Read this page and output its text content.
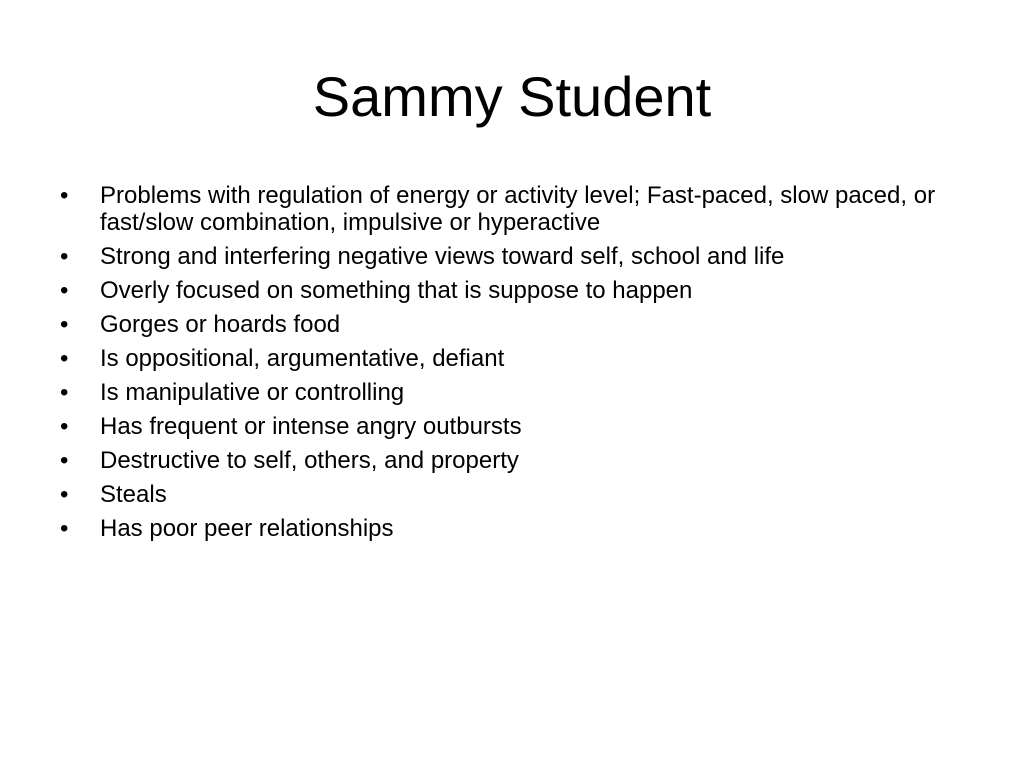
Sammy Student
•	Problems with regulation of energy or activity level; Fast-paced, slow paced, or fast/slow combination, impulsive or hyperactive
•	Strong and interfering negative views toward self, school and life
•	Overly focused on something that is suppose to happen
•	Gorges or hoards food
•	Is oppositional, argumentative, defiant
•	Is manipulative or controlling
•	Has frequent or intense angry outbursts
•	Destructive to self, others, and property
•	Steals
•	Has poor peer relationships
